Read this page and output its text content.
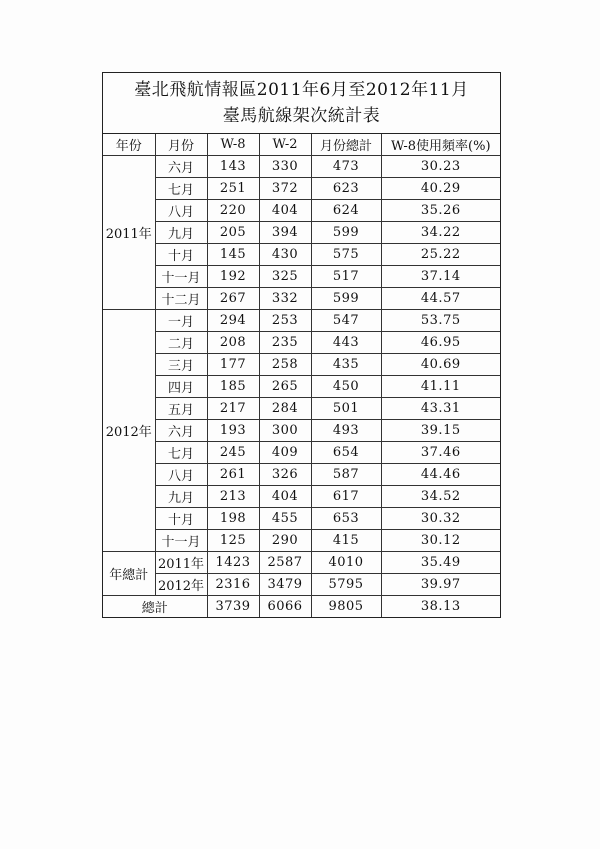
臺北飛航情報區2011年6月至2012年11月
臺馬航線架次統計表
年份	月份	W-8	W-2	月份總計	W-8使用頻率(%)
2011年	六月	143	330	473	30.23
	七月	251	372	623	40.29
	八月	220	404	624	35.26
	九月	205	394	599	34.22
	十月	145	430	575	25.22
	十一月	192	325	517	37.14
	十二月	267	332	599	44.57
2012年	一月	294	253	547	53.75
	二月	208	235	443	46.95
	三月	177	258	435	40.69
	四月	185	265	450	41.11
	五月	217	284	501	43.31
	六月	193	300	493	39.15
	七月	245	409	654	37.46
	八月	261	326	587	44.46
	九月	213	404	617	34.52
	十月	198	455	653	30.32
	十一月	125	290	415	30.12
年總計	2011年	1423	2587	4010	35.49
	2012年	2316	3479	5795	39.97
總計		3739	6066	9805	38.13
